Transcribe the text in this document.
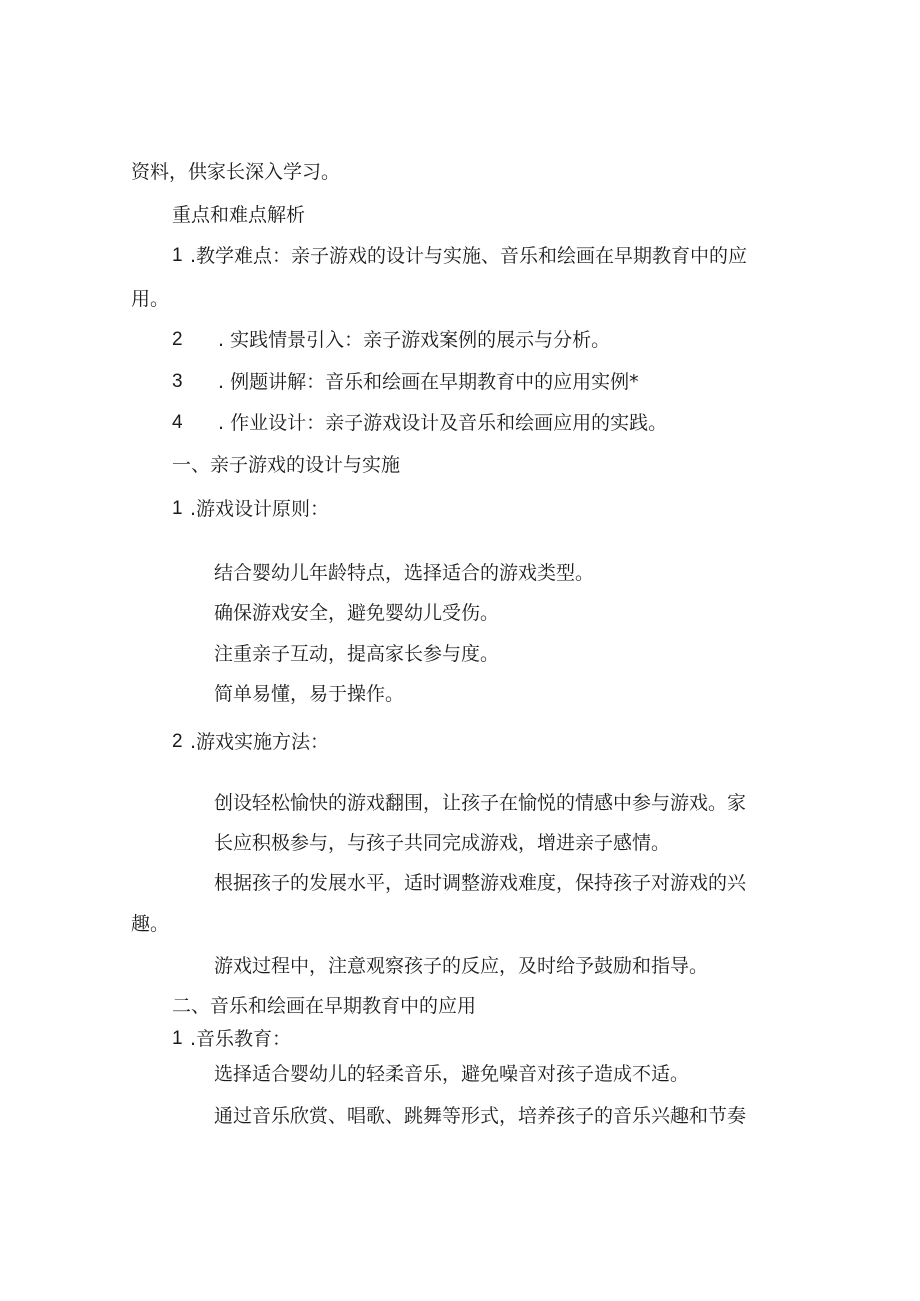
资料，供家长深入学习。
重点和难点解析
1 .教学难点：亲子游戏的设计与实施、音乐和绘画在早期教育中的应
用。
2 . 实践情景引入：亲子游戏案例的展示与分析。
3 . 例题讲解：音乐和绘画在早期教育中的应用实例*
4 . 作业设计：亲子游戏设计及音乐和绘画应用的实践。
一、亲子游戏的设计与实施
1 .游戏设计原则：
结合婴幼儿年龄特点，选择适合的游戏类型。
确保游戏安全，避免婴幼儿受伤。
注重亲子互动，提高家长参与度。
简单易懂，易于操作。
2 .游戏实施方法：
创设轻松愉快的游戏翻围，让孩子在愉悦的情感中参与游戏。家
长应积极参与，与孩子共同完成游戏，增进亲子感情。
根据孩子的发展水平，适时调整游戏难度，保持孩子对游戏的兴
趣。
游戏过程中，注意观察孩子的反应，及时给予鼓励和指导。
二、音乐和绘画在早期教育中的应用
1 .音乐教育：
选择适合婴幼儿的轻柔音乐，避免噪音对孩子造成不适。
通过音乐欣赏、唱歌、跳舞等形式，培养孩子的音乐兴趣和节奏
